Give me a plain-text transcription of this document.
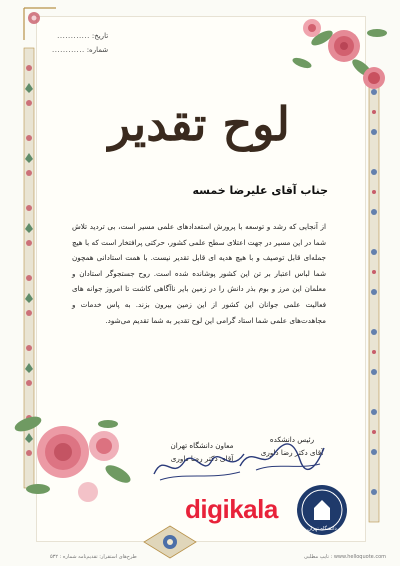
تاریخ:
............
شماره:
............
لوح تقدیر
جناب آقای علیرضا خمسه
از آنجایی که رشد و توسعه با پرورش استعدادهای علمی مسیر است، بی تردید تلاش شما در این مسیر در جهت اعتلای سطح علمی کشور، حرکتی پرافتخار است که با هیچ جمله‌ای قابل توصیف و با هیچ هدیه ای قابل تقدیر نیست. با همت استادانی همچون شما لباس اعتبار بر تن این کشور پوشانده شده است. روح جستجوگر استادان و معلمان این مرز و بوم بذر دانش را در زمین بایر ناآگاهی کاشت تا امروز جوانه های فعالیت علمی جوانان این کشور از این زمین بیرون بزند. به پاس خدمات و مجاهدت‌های علمی شما استاد گرامی این لوح تقدیر به شما تقدیم می‌شود.
رئیس دانشکده
آقای دکتر رضا داوری
معاون دانشگاه تهران
آقای دکتر رضا داوری
digikala
دانشگاه تهران
۵۳۲ : طرح‌های استقرار: تقدیم‌نامه شماره	www.helloquote.com : تایپ مطلبی
